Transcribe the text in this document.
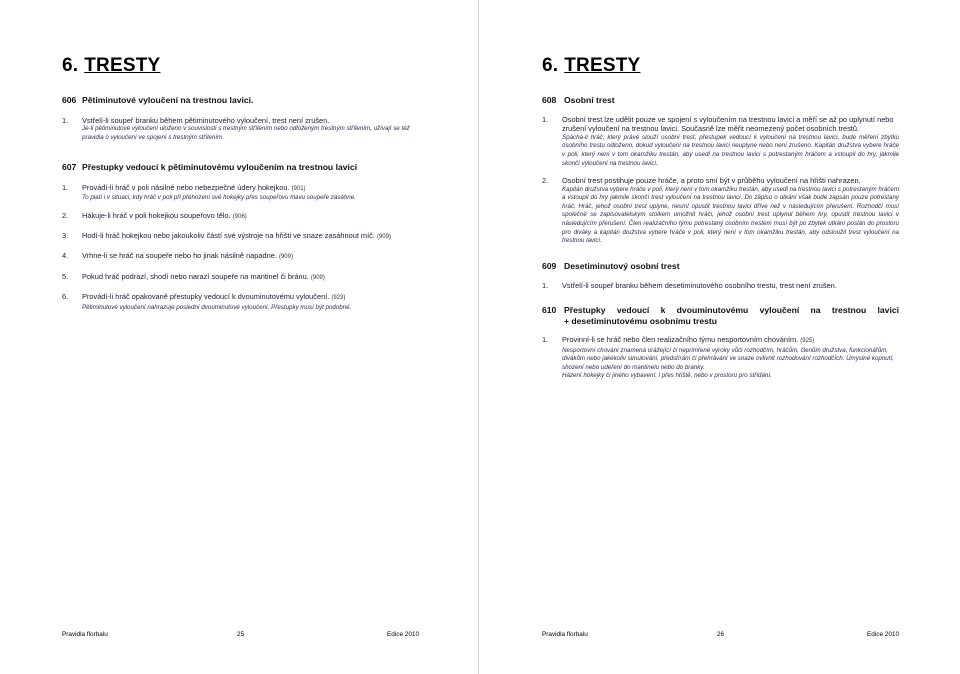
6. TRESTY
606 Pětiminutové vyloučení na trestnou lavici.
1.	Vstřelí-li soupeř branku během pětiminutového vyloučení, trest není zrušen.
Je-li pětiminutové vyloučení uloženo v souvislosti s trestným střílením nebo odloženým trestným střílením, užívají se též pravidla o vyloučení ve spojení s trestným střílením.
607 Přestupky vedoucí k pětiminutovému vyloučením na trestnou lavici
1.	Provádí-li hráč v poli násilné nebo nebezpečné údery hokejkou. (901)
To platí i v situaci, kdy hráč v poli při přehození své hokejky přes soupeřovu hlavu soupeře zasáhne.
2.	Hákuje-li hráč v poli hokejkou soupeřovo tělo. (906)
3.	Hodí-li hráč hokejkou nebo jakoukoliv částí své výstroje na hřišti ve snaze zasáhnout míč. (909)
4.	Vrhne-li se hráč na soupeře nebo ho jinak násilně napadne. (909)
5.	Pokud hráč podrazí, shodí nebo narazí soupeře na mantinel či bránu. (909)
6.	Provádí-li hráč opakovaně přestupky vedoucí k dvouminutovému vyloučení. (923)
Pětiminutové vyloučení nahrazuje poslední dvouminutové vyloučení. Přestupky musí být podobné.
Pravidla florbalu	25	Edice 2010
6. TRESTY
608 Osobní trest
1.	Osobní trest lze udělit pouze ve spojení s vyloučením na trestnou lavici a měří se až po uplynutí nebo zrušení vyloučení na trestnou lavici. Současně lze měřit neomezený počet osobních trestů.
Spáchá-li hráč, který právě slouží osobní trest, přestupek vedoucí k vyloučení na trestnou lavici, bude měření zbytku osobního trestu odloženo, dokud vyloučení na trestnou lavici neuplyne nebo není zrušeno. Kapitán družstva vybere hráče v poli, který není v tom okamžiku trestán, aby usedl na trestnou lavici s potrestaným hráčem a vstoupil do hry, jakmile skončí vyloučení na trestnou lavici.
2.	Osobní trest postihuje pouze hráče, a proto smí být v průběhu vyloučení na hřišti nahrazen.
Kapitán družstva vybere hráče v poli, který není v tom okamžiku trestán, aby usedl na trestnou lavici s potrestaným hráčem a vstoupil do hry jakmile skončí trest vyloučení na trestnou lavici. Do zápisu o utkání však bude zapsán pouze potrestaný hráč. Hráč, jehož osobní trest uplyne, nesmí opustit trestnou lavici dříve než v následujícím přerušení. Rozhodčí musí společně se zapisovatelským stolkem umožnit hráči, jehož osobní trest uplynul během hry, opustit trestnou lavici v následujícím přerušení. Člen realizačního týmu potrestaný osobním trestem musí být po zbytek utkání poslán do prostoru pro diváky a kapitán družstva vybere hráče v poli, který není v tom okamžiku trestán, aby odsloužil trest vyloučení na trestnou lavici.
609 Desetiminutový osobní trest
1.	Vstřelí-li soupeř branku během desetiminutového osobního trestu, trest není zrušen.
610 Přestupky vedoucí k dvouminutovému vyloučení na trestnou lavici
+ desetiminutovému osobnímu trestu
1.	Provinní-li se hráč nebo člen realizačního týmu nesportovním chováním. (925)
Nesportovní chování znamená urážející či neprimřené výroky vůči rozhodčím, hráčům, členům družstva, funkcionářům, divákům nebo jakékoliv simulování, předstírání či přehrávání ve snaze ovlivnit rozhodování rozhodčích. Úmyslné kopnutí, shození nebo udeření do mantinelu nebo do branky.
Házení hokejky či jiného vybavení, i přes hřiště, nebo v prostoru pro střídání.
Pravidla florbalu	26	Edice 2010
